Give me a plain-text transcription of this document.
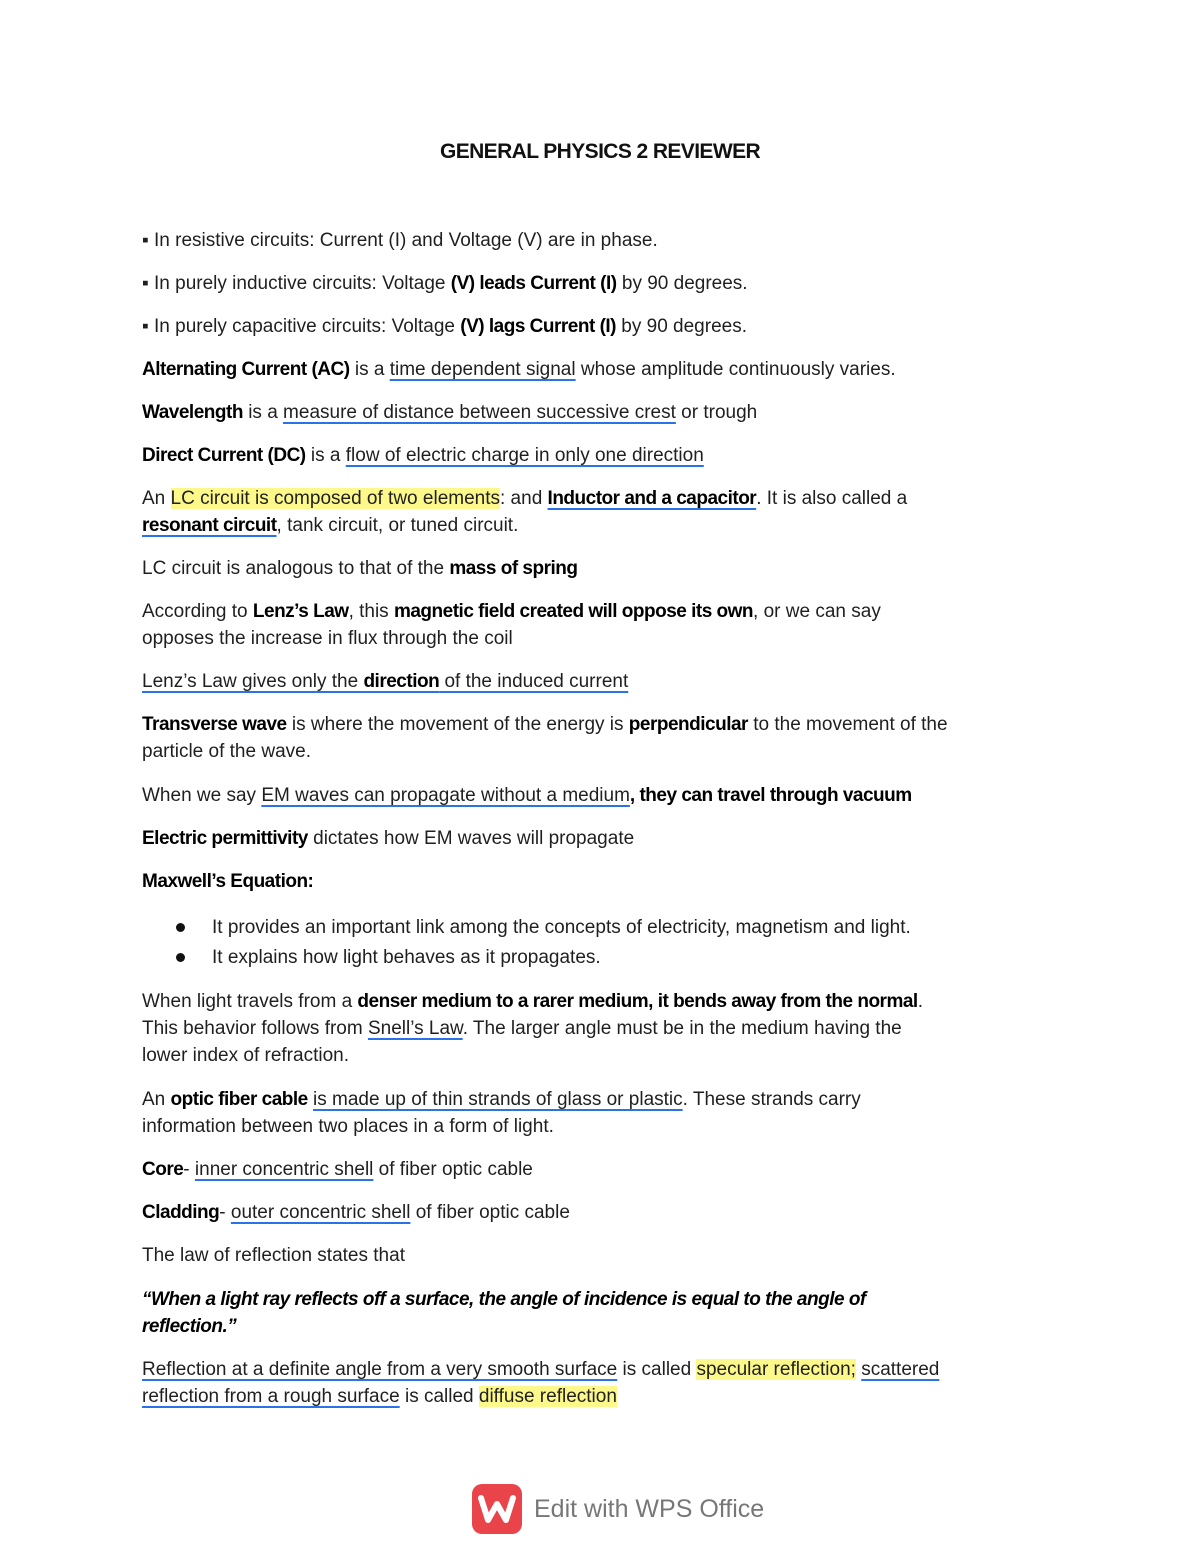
GENERAL PHYSICS 2 REVIEWER
▪ In resistive circuits: Current (I) and Voltage (V) are in phase.
▪ In purely inductive circuits: Voltage (V) leads Current (I) by 90 degrees.
▪ In purely capacitive circuits: Voltage (V) lags Current (I) by 90 degrees.
Alternating Current (AC) is a time dependent signal whose amplitude continuously varies.
Wavelength is a measure of distance between successive crest or trough
Direct Current (DC) is a flow of electric charge in only one direction
An LC circuit is composed of two elements: and Inductor and a capacitor. It is also called a
resonant circuit, tank circuit, or tuned circuit.
LC circuit is analogous to that of the mass of spring
According to Lenz’s Law, this magnetic field created will oppose its own, or we can say
opposes the increase in flux through the coil
Lenz’s Law gives only the direction of the induced current
Transverse wave is where the movement of the energy is perpendicular to the movement of the
particle of the wave.
When we say EM waves can propagate without a medium, they can travel through vacuum
Electric permittivity dictates how EM waves will propagate
Maxwell’s Equation:
It provides an important link among the concepts of electricity, magnetism and light.
It explains how light behaves as it propagates.
When light travels from a denser medium to a rarer medium, it bends away from the normal.
This behavior follows from Snell’s Law. The larger angle must be in the medium having the
lower index of refraction.
An optic fiber cable is made up of thin strands of glass or plastic. These strands carry
information between two places in a form of light.
Core- inner concentric shell of fiber optic cable
Cladding- outer concentric shell of fiber optic cable
The law of reflection states that
“When a light ray reflects off a surface, the angle of incidence is equal to the angle of
reflection.”
Reflection at a definite angle from a very smooth surface is called specular reflection; scattered
reflection from a rough surface is called diffuse reflection
Edit with WPS Office
